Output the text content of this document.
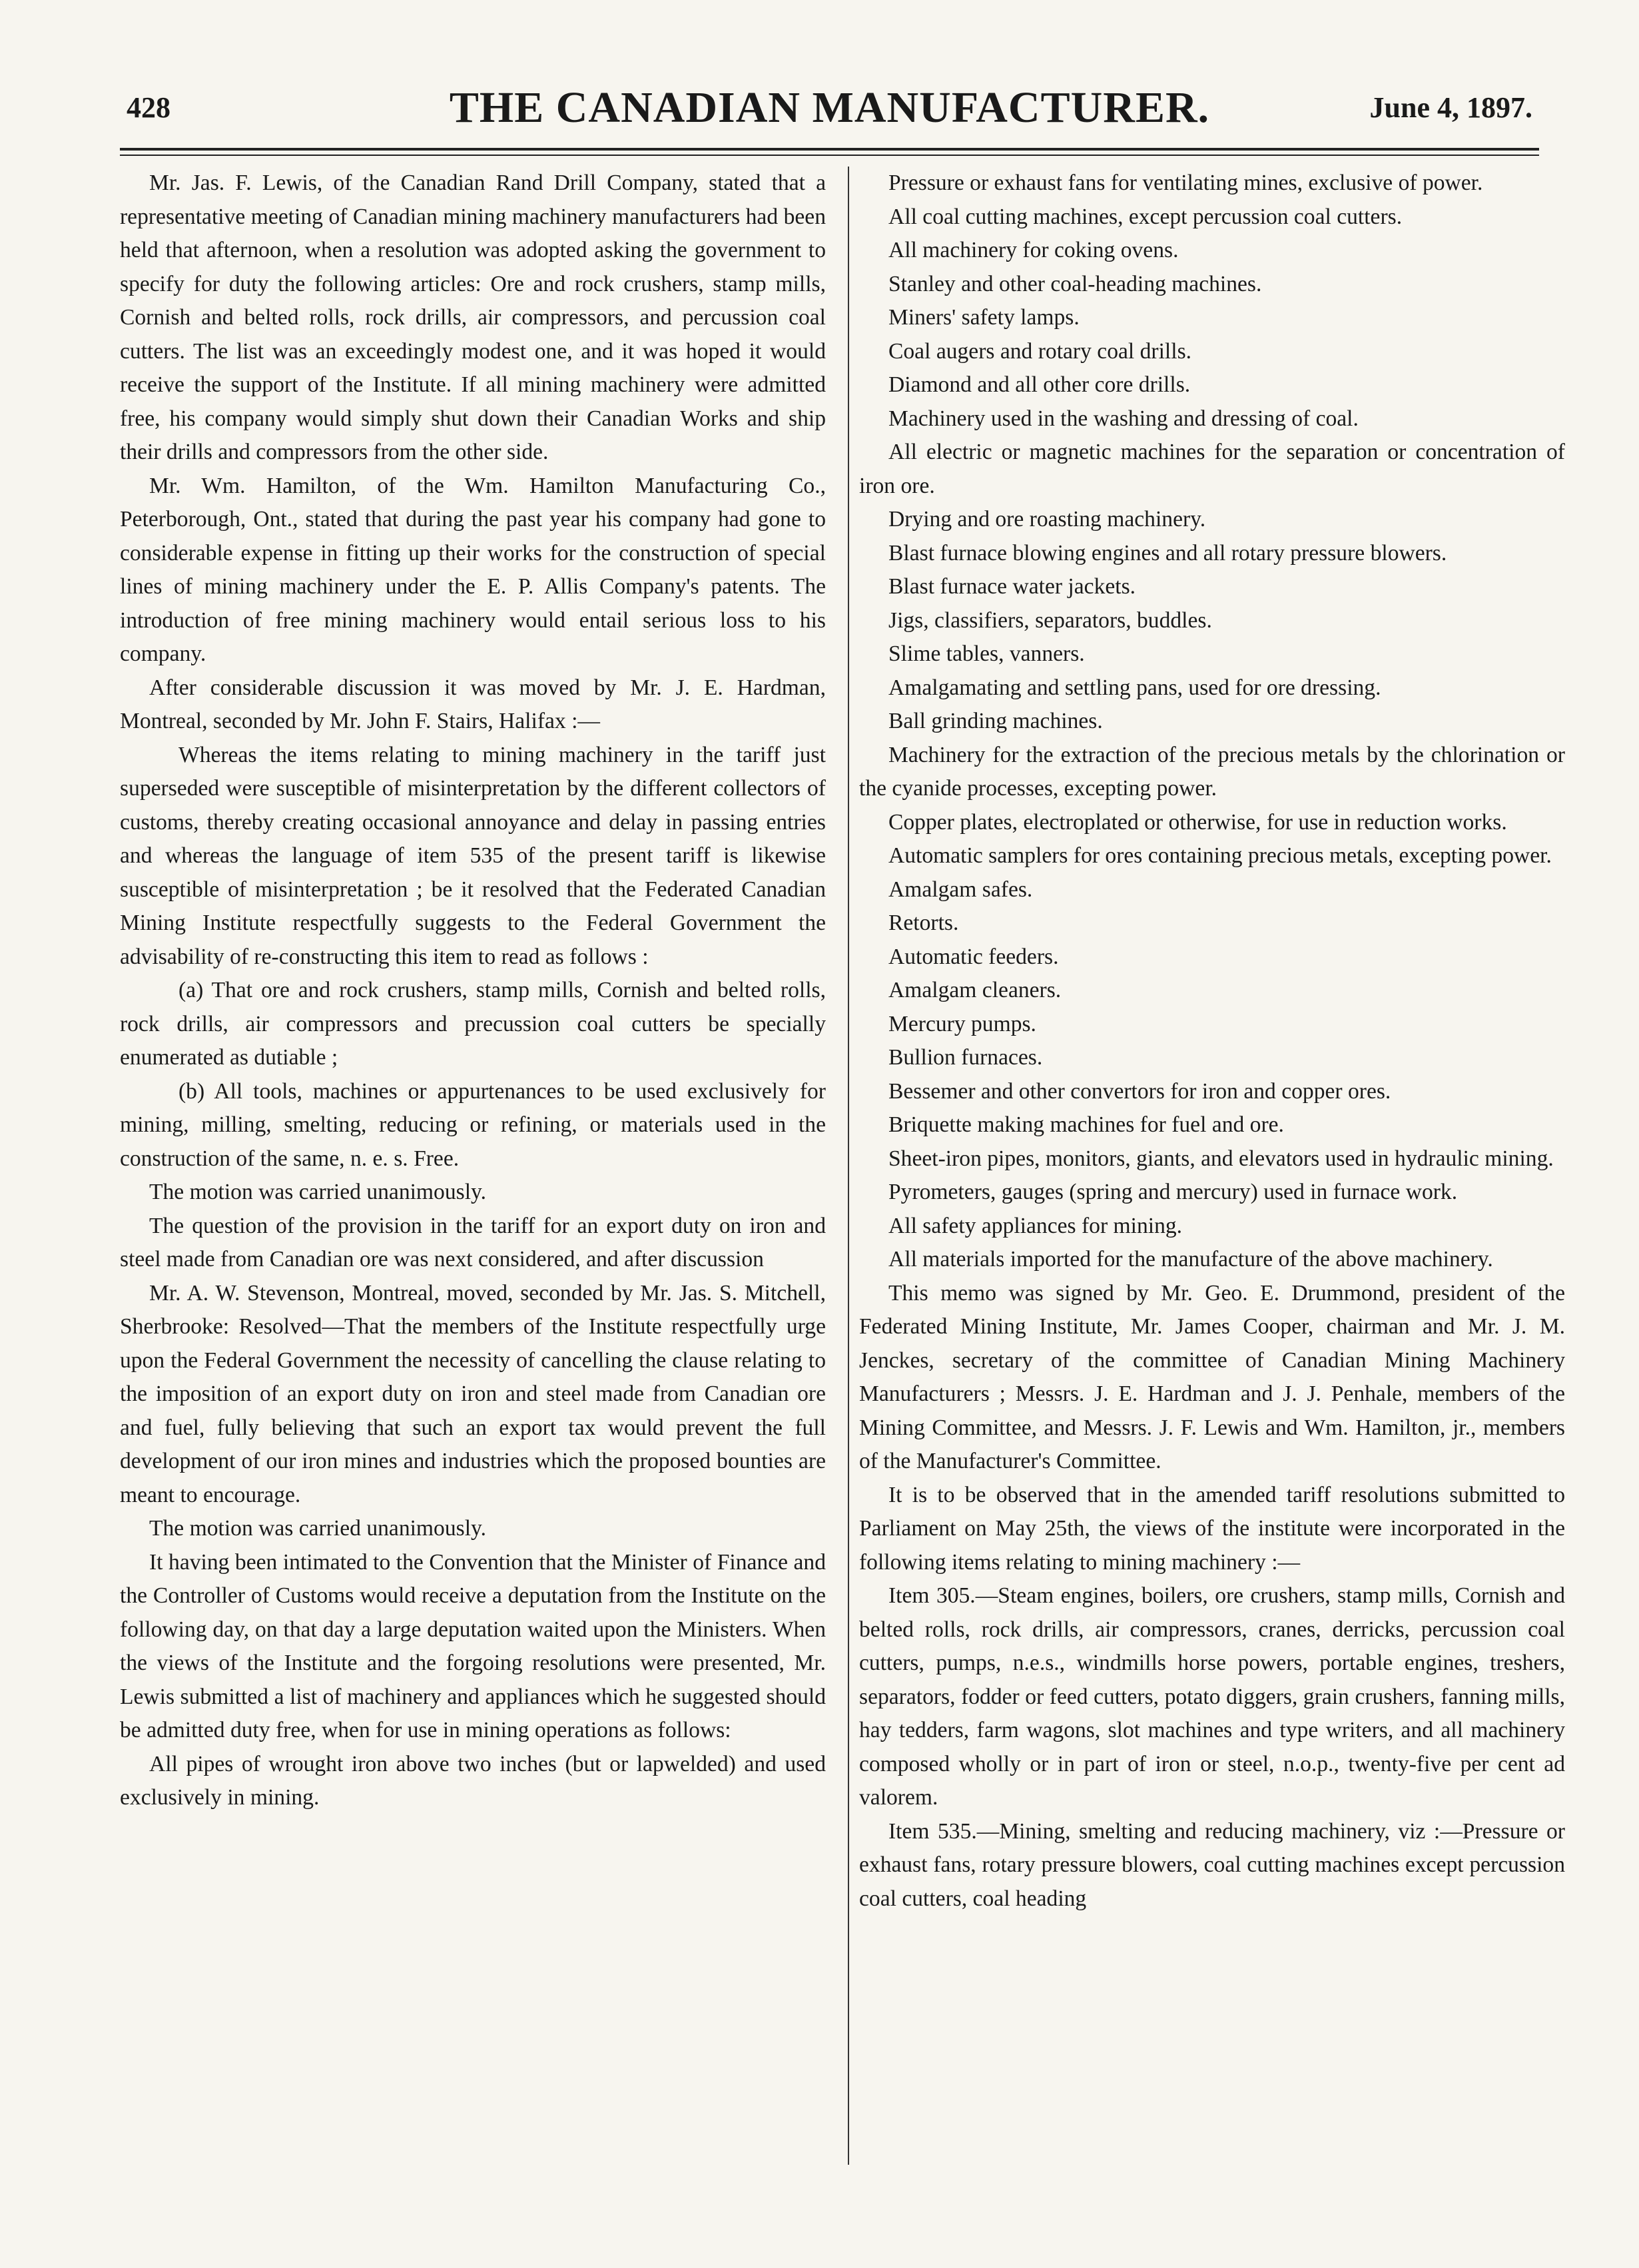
428	THE CANADIAN MANUFACTURER.	June 4, 1897.

Mr. Jas. F. Lewis, of the Canadian Rand Drill Company, stated that a representative meeting of Canadian mining machinery manufacturers had been held that afternoon, when a resolution was adopted asking the government to specify for duty the following articles: Ore and rock crushers, stamp mills, Cornish and belted rolls, rock drills, air compressors, and percussion coal cutters. The list was an exceedingly modest one, and it was hoped it would receive the support of the Institute. If all mining machinery were admitted free, his company would simply shut down their Canadian Works and ship their drills and compressors from the other side.

Mr. Wm. Hamilton, of the Wm. Hamilton Manufacturing Co., Peterborough, Ont., stated that during the past year his company had gone to considerable expense in fitting up their works for the construction of special lines of mining machinery under the E. P. Allis Company's patents. The introduction of free mining machinery would entail serious loss to his company.

After considerable discussion it was moved by Mr. J. E. Hardman, Montreal, seconded by Mr. John F. Stairs, Halifax :—

Whereas the items relating to mining machinery in the tariff just superseded were susceptible of misinterpretation by the different collectors of customs, thereby creating occasional annoyance and delay in passing entries and whereas the language of item 535 of the present tariff is likewise susceptible of misinterpretation ; be it resolved that the Federated Canadian Mining Institute respectfully suggests to the Federal Government the advisability of re-constructing this item to read as follows :

(a) That ore and rock crushers, stamp mills, Cornish and belted rolls, rock drills, air compressors and precussion coal cutters be specially enumerated as dutiable ;

(b) All tools, machines or appurtenances to be used exclusively for mining, milling, smelting, reducing or refining, or materials used in the construction of the same, n. e. s. Free.

The motion was carried unanimously.

The question of the provision in the tariff for an export duty on iron and steel made from Canadian ore was next considered, and after discussion

Mr. A. W. Stevenson, Montreal, moved, seconded by Mr. Jas. S. Mitchell, Sherbrooke: Resolved—That the members of the Institute respectfully urge upon the Federal Government the necessity of cancelling the clause relating to the imposition of an export duty on iron and steel made from Canadian ore and fuel, fully believing that such an export tax would prevent the full development of our iron mines and industries which the proposed bounties are meant to encourage.

The motion was carried unanimously.

It having been intimated to the Convention that the Minister of Finance and the Controller of Customs would receive a deputation from the Institute on the following day, on that day a large deputation waited upon the Ministers. When the views of the Institute and the forgoing resolutions were presented, Mr. Lewis submitted a list of machinery and appliances which he suggested should be admitted duty free, when for use in mining operations as follows:

All pipes of wrought iron above two inches (but or lapwelded) and used exclusively in mining.

Pressure or exhaust fans for ventilating mines, exclusive of power.

All coal cutting machines, except percussion coal cutters.

All machinery for coking ovens.

Stanley and other coal-heading machines.

Miners' safety lamps.

Coal augers and rotary coal drills.

Diamond and all other core drills.

Machinery used in the washing and dressing of coal.

All electric or magnetic machines for the separation or concentration of iron ore.

Drying and ore roasting machinery.

Blast furnace blowing engines and all rotary pressure blowers.

Blast furnace water jackets.

Jigs, classifiers, separators, buddles.

Slime tables, vanners.

Amalgamating and settling pans, used for ore dressing.

Ball grinding machines.

Machinery for the extraction of the precious metals by the chlorination or the cyanide processes, excepting power.

Copper plates, electroplated or otherwise, for use in reduction works.

Automatic samplers for ores containing precious metals, excepting power.

Amalgam safes.

Retorts.

Automatic feeders.

Amalgam cleaners.

Mercury pumps.

Bullion furnaces.

Bessemer and other convertors for iron and copper ores.

Briquette making machines for fuel and ore.

Sheet-iron pipes, monitors, giants, and elevators used in hydraulic mining.

Pyrometers, gauges (spring and mercury) used in furnace work.

All safety appliances for mining.

All materials imported for the manufacture of the above machinery.

This memo was signed by Mr. Geo. E. Drummond, president of the Federated Mining Institute, Mr. James Cooper, chairman and Mr. J. M. Jenckes, secretary of the committee of Canadian Mining Machinery Manufacturers ; Messrs. J. E. Hardman and J. J. Penhale, members of the Mining Committee, and Messrs. J. F. Lewis and Wm. Hamilton, jr., members of the Manufacturer's Committee.

It is to be observed that in the amended tariff resolutions submitted to Parliament on May 25th, the views of the institute were incorporated in the following items relating to mining machinery :—

Item 305.—Steam engines, boilers, ore crushers, stamp mills, Cornish and belted rolls, rock drills, air compressors, cranes, derricks, percussion coal cutters, pumps, n.e.s., windmills horse powers, portable engines, treshers, separators, fodder or feed cutters, potato diggers, grain crushers, fanning mills, hay tedders, farm wagons, slot machines and type writers, and all machinery composed wholly or in part of iron or steel, n.o.p., twenty-five per cent ad valorem.

Item 535.—Mining, smelting and reducing machinery, viz :—Pressure or exhaust fans, rotary pressure blowers, coal cutting machines except percussion coal cutters, coal heading
